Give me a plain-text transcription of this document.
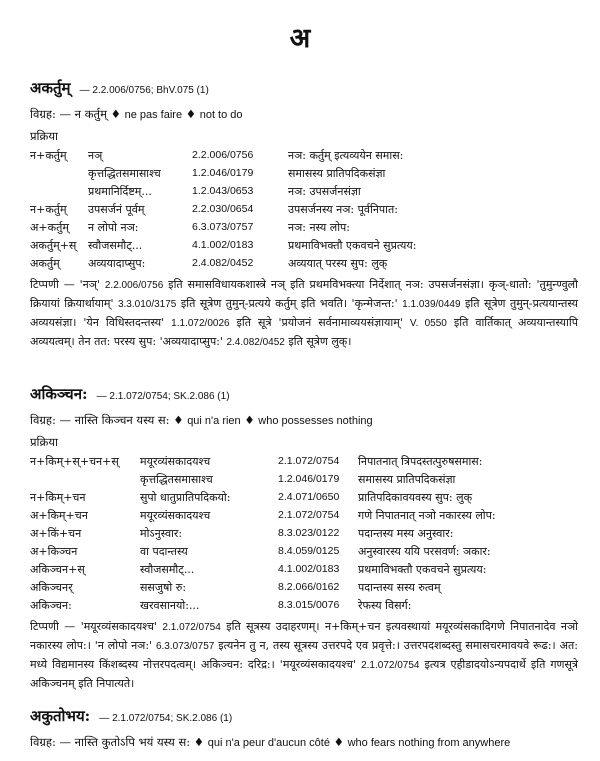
अ
अकर्तुम् — 2.2.006/0756; BhV.075 (1)
विग्रह: — न कर्तुम् ♦ ne pas faire ♦ not to do
प्रक्रिया
न+कर्तुम्	नञ्	2.2.006/0756	नञ: कर्तुम् इत्यव्ययेन समास:
	कृत्तद्धितसमासाश्च	1.2.046/0179	समासस्य प्रातिपदिकसंज्ञा
	प्रथमानिर्दिष्टम्...	1.2.043/0653	नञ: उपसर्जनसंज्ञा
न+कर्तुम्	उपसर्जनं पूर्वम्	2.2.030/0654	उपसर्जनस्य नञ: पूर्वनिपात:
अ+कर्तुम्	न लोपो नञ:	6.3.073/0757	नञ: नस्य लोप:
अकर्तुम्+स्	स्वौजसमौट्...	4.1.002/0183	प्रथमाविभक्तौ एकवचने सुप्रत्यय:
अकर्तुम्	अव्ययादाप्सुप:	2.4.082/0452	अव्ययात् परस्य सुप: लुक्
टिप्पणी — 'नञ्' 2.2.006/0756 इति समासविधायकशास्त्रे नञ् इति प्रथमविभक्त्या निर्देशात् नञ: उपसर्जनसंज्ञा। कृञ्-धातो: 'तुमुन्ण्वुलौ क्रियायां क्रियार्थायाम्' 3.3.010/3175 इति सूत्रेण तुमुन्-प्रत्यये कर्तुम् इति भवति। 'कृन्मेजन्त:' 1.1.039/0449 इति सूत्रेण तुमुन्-प्रत्ययान्तस्य अव्ययसंज्ञा। 'येन विधिस्तदन्तस्य' 1.1.072/0026 इति सूत्रे 'प्रयोजनं सर्वनामाव्ययसंज्ञायाम्' V. 0550 इति वार्तिकात् अव्ययान्तस्यापि अव्ययत्वम्। तेन तत: परस्य सुप: 'अव्ययादाप्सुप:' 2.4.082/0452 इति सूत्रेण लुक्।
अकिञ्चन: — 2.1.072/0754; SK.2.086 (1)
विग्रह: — नास्ति किञ्चन यस्य स: ♦ qui n'a rien ♦ who possesses nothing
प्रक्रिया
न+किम्+स्+चन+स्	मयूरव्यंसकादयश्च	2.1.072/0754	निपातनात् त्रिपदस्तत्पुरुषसमास:
	कृत्तद्धितसमासाश्च	1.2.046/0179	समासस्य प्रातिपदिकसंज्ञा
न+किम्+चन	सुपो धातुप्रातिपदिकयो:	2.4.071/0650	प्रातिपदिकावयवस्य सुप: लुक्
अ+किम्+चन	मयूरव्यंसकादयश्च	2.1.072/0754	गणे निपातनात् नञो नकारस्य लोप:
अ+किं+चन	मोऽनुस्वार:	8.3.023/0122	पदान्तस्य मस्य अनुस्वार:
अ+किञ्चन	वा पदान्तस्य	8.4.059/0125	अनुस्वारस्य ययि परसवर्ण: ञकार:
अकिञ्चन+स्	स्वौजसमौट्...	4.1.002/0183	प्रथमाविभक्तौ एकवचने सुप्रत्यय:
अकिञ्चनर्	ससजुषो रु:	8.2.066/0162	पदान्तस्य सस्य रुत्वम्
अकिञ्चन:	खरवसानयो:...	8.3.015/0076	रेफस्य विसर्ग:
टिप्पणी — 'मयूरव्यंसकादयश्च' 2.1.072/0754 इति सूत्रस्य उदाहरणम्। न+किम्+चन इत्यवस्थायां मयूरव्यंसकादिगणे निपातनादेव नञो नकारस्य लोप:। 'न लोपो नञ:' 6.3.073/0757 इत्यनेन तु न, तस्य सूत्रस्य उत्तरपदे एव प्रवृत्ते:। उत्तरपदशब्दस्तु समासचरमावयवे रूढ:। अत: मध्ये विद्यमानस्य किंशब्दस्य नोत्तरपदत्वम्। अकिञ्चन: दरिद्र:। 'मयूरव्यंसकादयश्च' 2.1.072/0754 इत्यत्र एहीडादयोऽन्यपदार्थे इति गणसूत्रे अकिञ्चनम् इति निपात्यते।
अकुतोभय: — 2.1.072/0754; SK.2.086 (1)
विग्रह: — नास्ति कुतोऽपि भयं यस्य स: ♦ qui n'a peur d'aucun côté ♦ who fears nothing from anywhere
